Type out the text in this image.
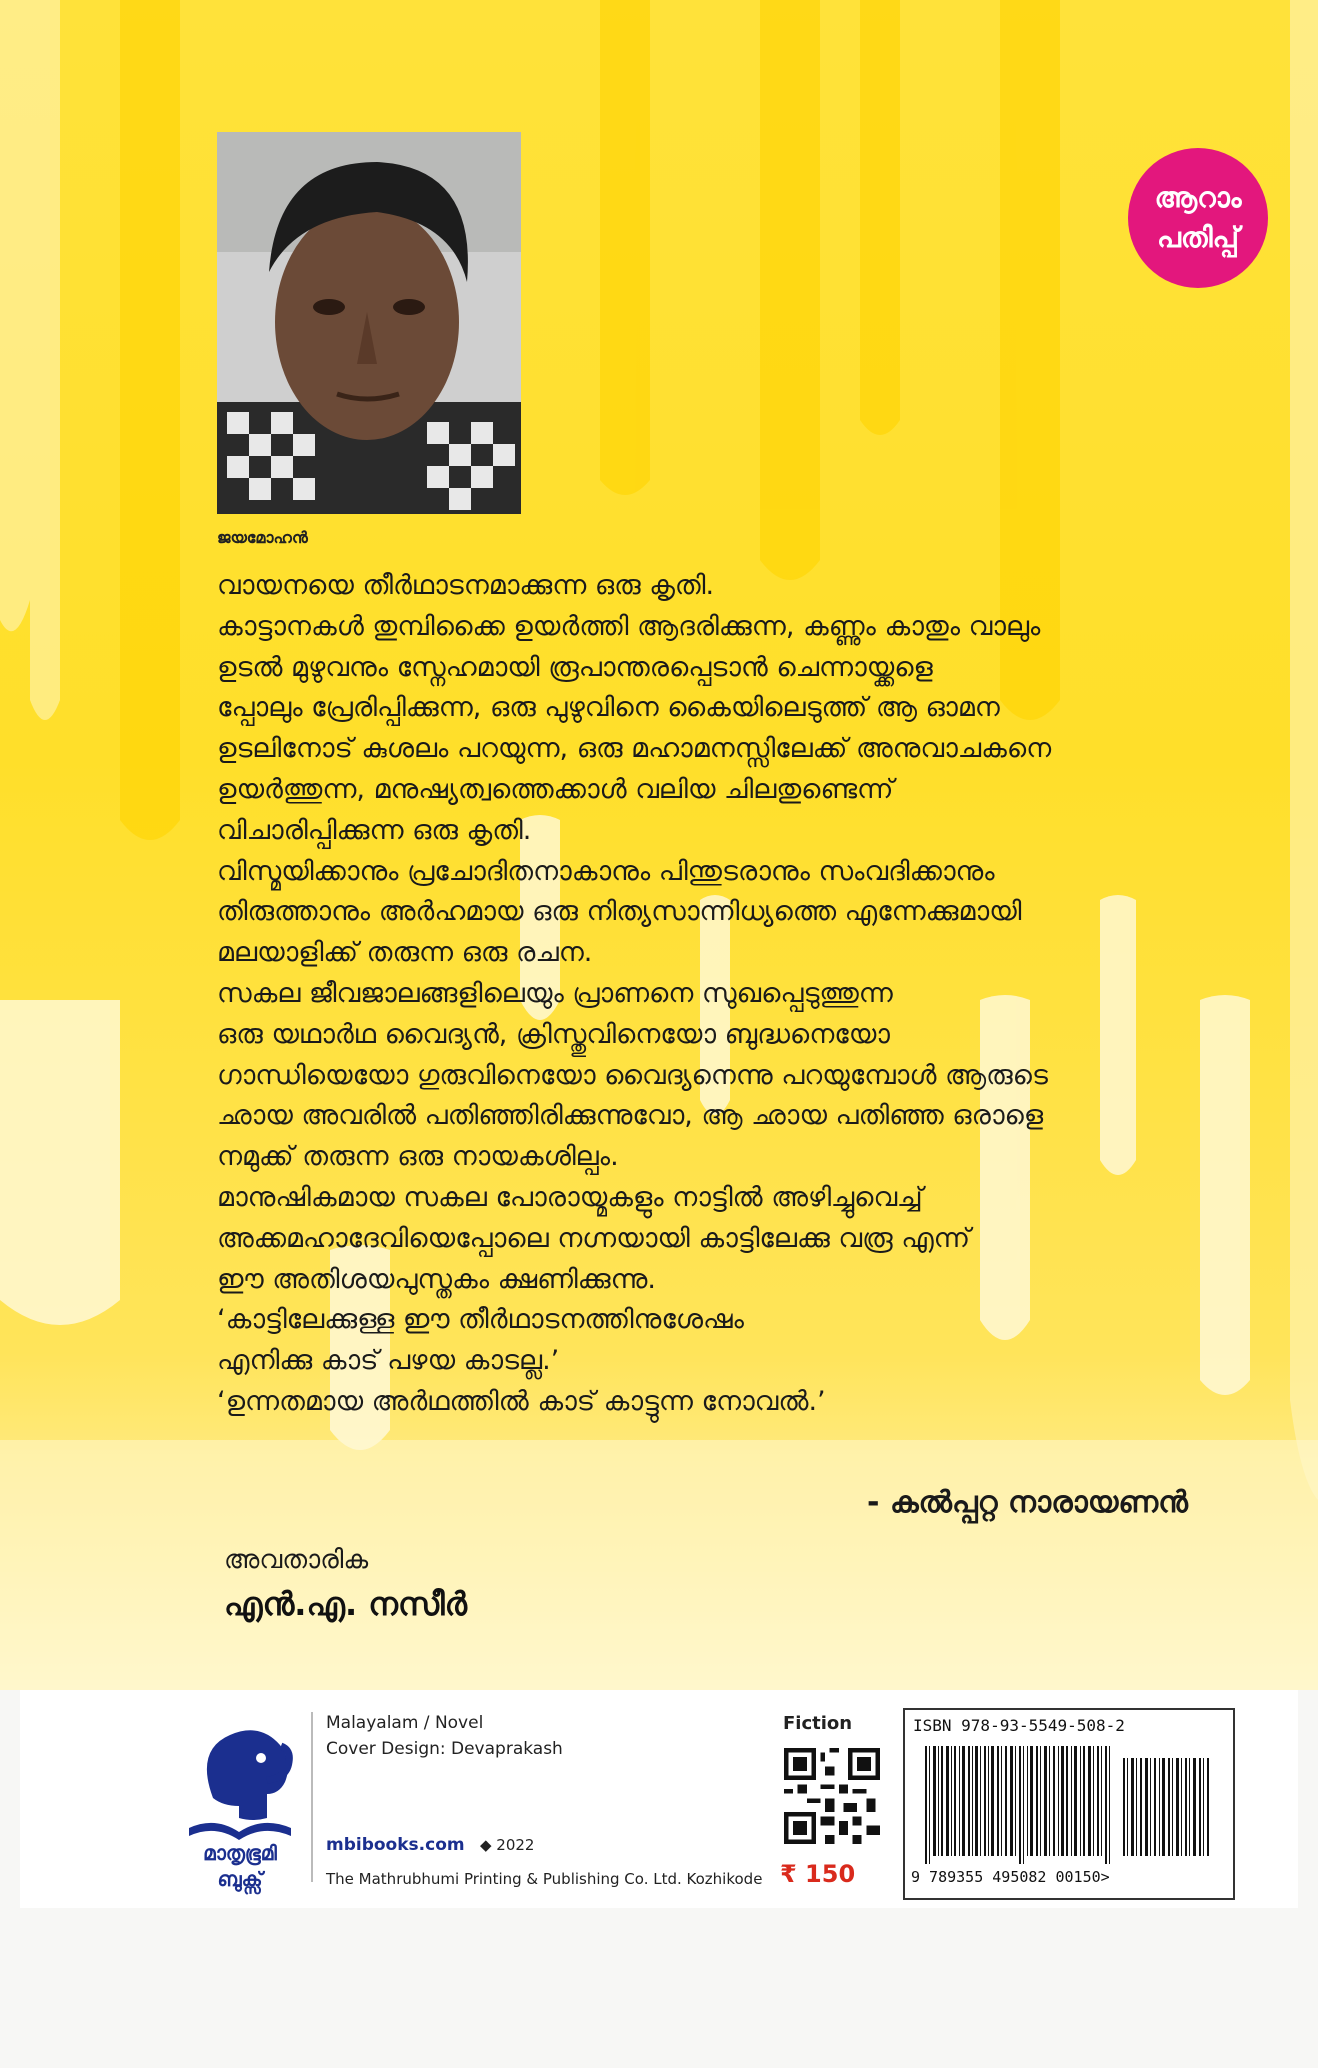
ജയമോഹൻ
ആറാം
പതിപ്പ്

വായനയെ തീർഥാടനമാക്കുന്ന ഒരു കൃതി.

കാട്ടാനകൾ തുമ്പിക്കൈ ഉയർത്തി ആദരിക്കുന്ന, കണ്ണും കാതും വാലും

ഉടൽ മുഴുവനും സ്നേഹമായി രൂപാന്തരപ്പെടാൻ ചെന്നായ്ക്കളെ

പ്പോലും പ്രേരിപ്പിക്കുന്ന, ഒരു പുഴുവിനെ കൈയിലെടുത്ത് ആ ഓമന

ഉടലിനോട് കുശലം പറയുന്ന, ഒരു മഹാമനസ്സിലേക്ക് അനുവാചകനെ

ഉയർത്തുന്ന, മനുഷ്യത്വത്തെക്കാൾ വലിയ ചിലതുണ്ടെന്ന്

വിചാരിപ്പിക്കുന്ന ഒരു കൃതി.

വിസ്മയിക്കാനും പ്രചോദിതനാകാനും പിന്തുടരാനും സംവദിക്കാനും

തിരുത്താനും അർഹമായ ഒരു നിത്യസാന്നിധ്യത്തെ എന്നേക്കുമായി

മലയാളിക്ക് തരുന്ന ഒരു രചന.

സകല ജീവജാലങ്ങളിലെയും പ്രാണനെ സുഖപ്പെടുത്തുന്ന

ഒരു യഥാർഥ വൈദ്യൻ, ക്രിസ്തുവിനെയോ ബുദ്ധനെയോ

ഗാന്ധിയെയോ ഗുരുവിനെയോ വൈദ്യനെന്നു പറയുമ്പോൾ ആരുടെ

ഛായ അവരിൽ പതിഞ്ഞിരിക്കുന്നുവോ, ആ ഛായ പതിഞ്ഞ ഒരാളെ

നമുക്ക് തരുന്ന ഒരു നായകശില്പം.

മാനുഷികമായ സകല പോരായ്മകളും നാട്ടിൽ അഴിച്ചുവെച്ച്

അക്കമഹാദേവിയെപ്പോലെ നഗ്നയായി കാട്ടിലേക്കു വരൂ എന്ന്

ഈ അതിശയപുസ്തകം ക്ഷണിക്കുന്നു.

‘കാട്ടിലേക്കുള്ള ഈ തീർഥാടനത്തിനുശേഷം

എനിക്കു കാട് പഴയ കാടല്ല.’

‘ഉന്നതമായ അർഥത്തിൽ കാട് കാട്ടുന്ന നോവൽ.’

- കൽപ്പറ്റ നാരായണൻ
അവതാരിക
എൻ.എ. നസീർ
മാതൃഭൂമി
ബുക്സ്
Malayalam / Novel
Cover Design: Devaprakash
mbibooks.com ◆ 2022
The Mathrubhumi Printing & Publishing Co. Ltd. Kozhikode
Fiction
₹ 150
ISBN 978-93-5549-508-2
9 789355 495082 00150>
